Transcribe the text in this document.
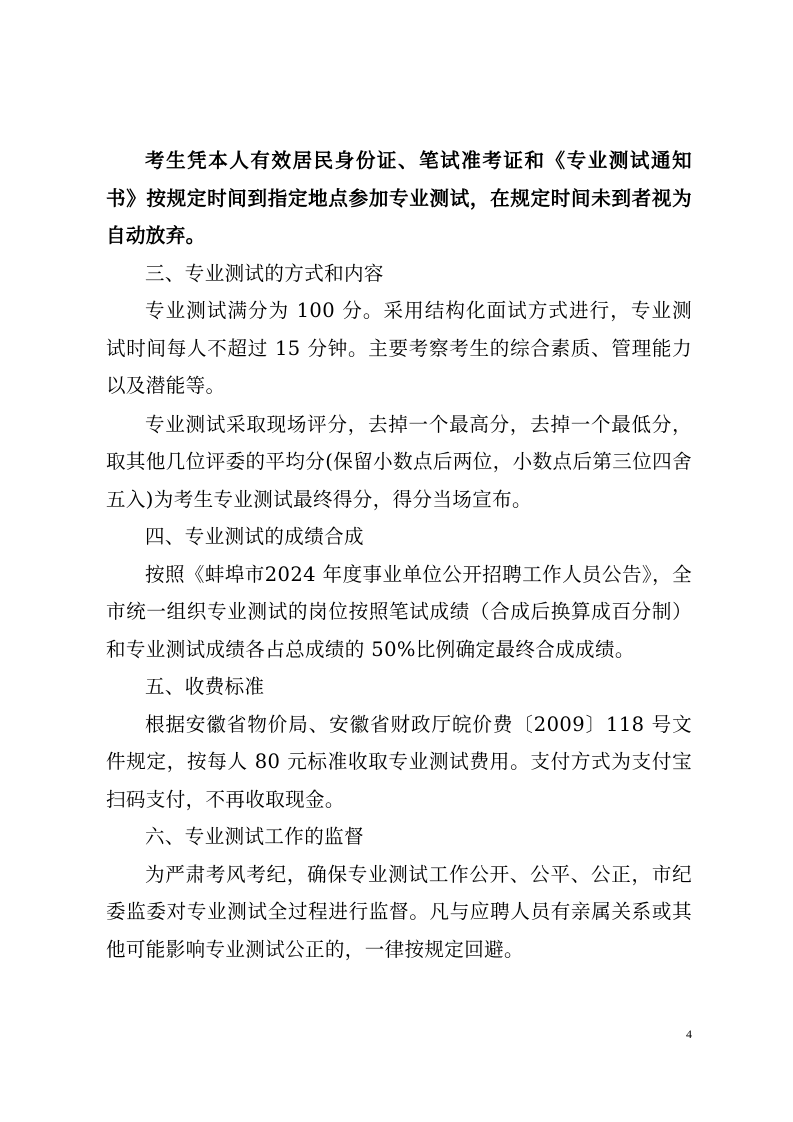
考生凭本人有效居民身份证、笔试准考证和《专业测试通知书》按规定时间到指定地点参加专业测试，在规定时间未到者视为自动放弃。

三、专业测试的方式和内容

专业测试满分为 100 分。采用结构化面试方式进行，专业测试时间每人不超过 15 分钟。主要考察考生的综合素质、管理能力以及潜能等。

专业测试采取现场评分，去掉一个最高分，去掉一个最低分，取其他几位评委的平均分(保留小数点后两位，小数点后第三位四舍五入)为考生专业测试最终得分，得分当场宣布。

四、专业测试的成绩合成

按照《蚌埠市2024 年度事业单位公开招聘工作人员公告》，全市统一组织专业测试的岗位按照笔试成绩（合成后换算成百分制）和专业测试成绩各占总成绩的 50%比例确定最终合成成绩。

五、收费标准

根据安徽省物价局、安徽省财政厅皖价费〔2009〕118 号文件规定，按每人 80 元标准收取专业测试费用。支付方式为支付宝扫码支付，不再收取现金。

六、专业测试工作的监督

为严肃考风考纪，确保专业测试工作公开、公平、公正，市纪委监委对专业测试全过程进行监督。凡与应聘人员有亲属关系或其他可能影响专业测试公正的，一律按规定回避。

4
